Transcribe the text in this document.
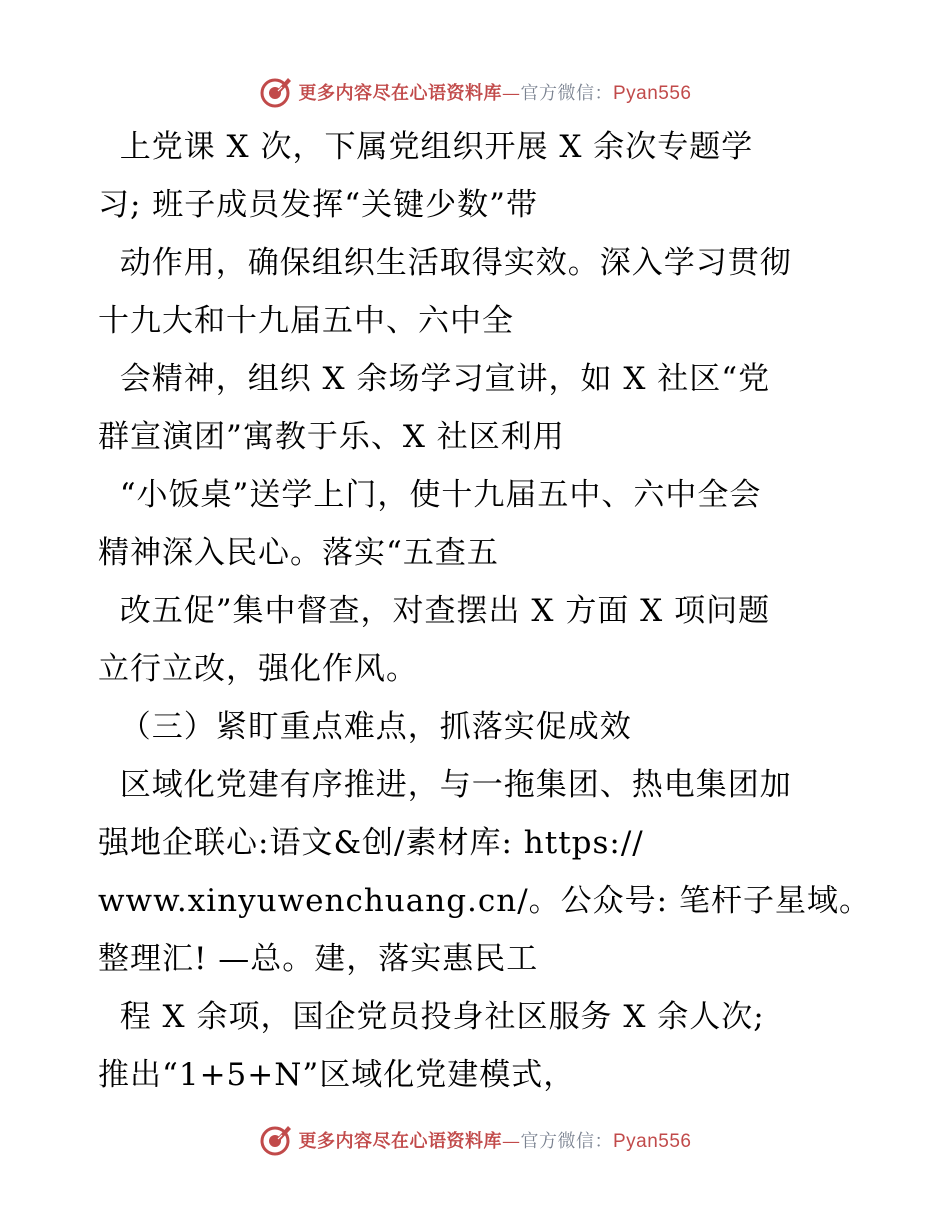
更多内容尽在心语资料库—官方微信：Pyan556
上党课 X 次，下属党组织开展 X 余次专题学
习; 班子成员发挥“关键少数”带
动作用，确保组织生活取得实效。深入学习贯彻
十九大和十九届五中、六中全
会精神，组织 X 余场学习宣讲，如 X 社区“党
群宣演团”寓教于乐、X 社区利用
“小饭桌”送学上门，使十九届五中、六中全会
精神深入民心。落实“五查五
改五促”集中督查，对查摆出 X 方面 X 项问题
立行立改，强化作风。
（三）紧盯重点难点，抓落实促成效
区域化党建有序推进，与一拖集团、热电集团加
强地企联心:语文&创/素材库: https://
www.xinyuwenchuang.cn/。公众号: 笔杆子星域。
整理汇! —总。建，落实惠民工
程 X 余项，国企党员投身社区服务 X 余人次;
推出“1+5+N”区域化党建模式，
更多内容尽在心语资料库—官方微信：Pyan556
